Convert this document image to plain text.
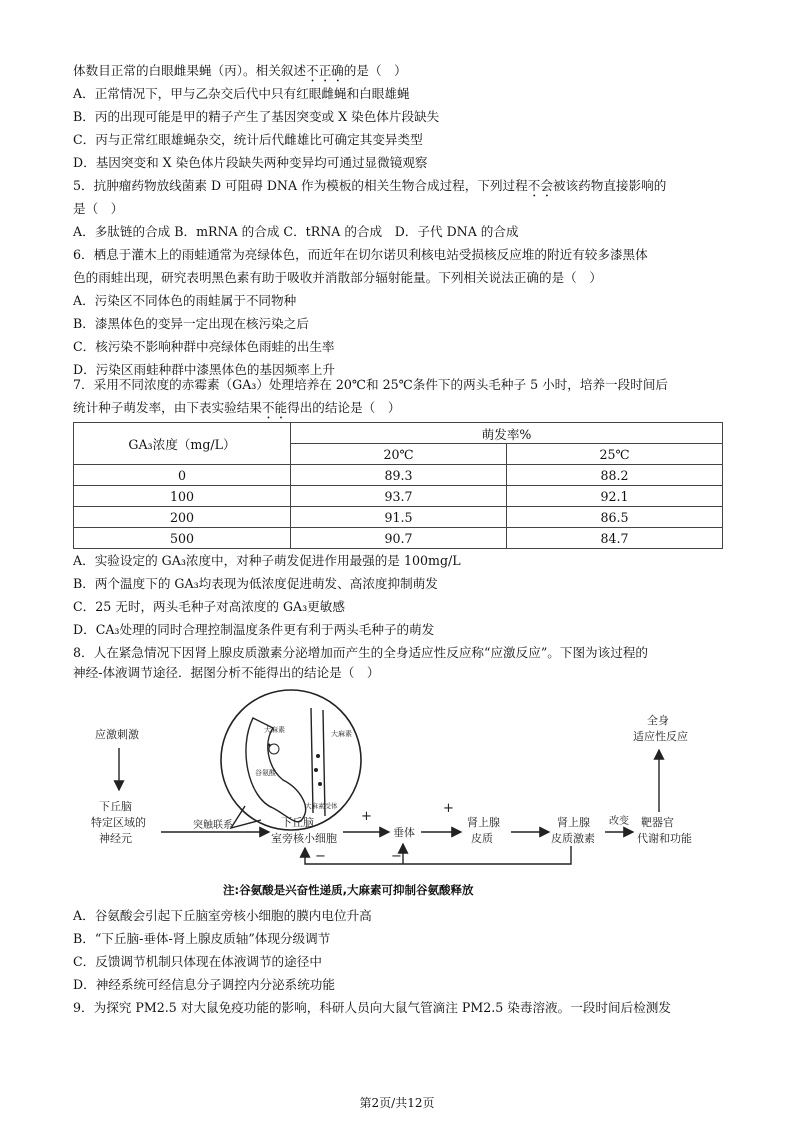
体数目正常的白眼雌果蝇（丙）。相关叙述不正确的是（　）
A．正常情况下，甲与乙杂交后代中只有红眼雌蝇和白眼雄蝇
B．丙的出现可能是甲的精子产生了基因突变或 X 染色体片段缺失
C．丙与正常红眼雄蝇杂交，统计后代雌雄比可确定其变异类型
D．基因突变和 X 染色体片段缺失两种变异均可通过显微镜观察
5．抗肿瘤药物放线菌素 D 可阻碍 DNA 作为模板的相关生物合成过程，下列过程不会被该药物直接影响的
是（　）
A．多肽链的合成 B．mRNA 的合成 C．tRNA 的合成　D．子代 DNA 的合成
6．栖息于灌木上的雨蛙通常为亮绿体色，而近年在切尔诺贝利核电站受损核反应堆的附近有较多漆黑体
色的雨蛙出现，研究表明黑色素有助于吸收并消散部分辐射能量。下列相关说法正确的是（　）
A．污染区不同体色的雨蛙属于不同物种
B．漆黑体色的变异一定出现在核污染之后
C．核污染不影响种群中亮绿体色雨蛙的出生率
D．污染区雨蛙种群中漆黑体色的基因频率上升
7．采用不同浓度的赤霉素（GA₃）处理培养在 20℃和 25℃条件下的两头毛种子 5 小时，培养一段时间后
统计种子萌发率，由下表实验结果不能得出的结论是（　）
GA₃浓度（mg/L）	萌发率%	
	20℃	25℃
0	89.3	88.2
100	93.7	92.1
200	91.5	86.5
500	90.7	84.7
A．实验设定的 GA₃浓度中，对种子萌发促进作用最强的是 100mg/L
B．两个温度下的 GA₃均表现为低浓度促进萌发、高浓度抑制萌发
C．25 无时，两头毛种子对高浓度的 GA₃更敏感
D．CA₃处理的同时合理控制温度条件更有利于两头毛种子的萌发
8．人在紧急情况下因肾上腺皮质激素分泌增加而产生的全身适应性反应称“应激反应”。下图为该过程的
神经-体液调节途径．据图分析不能得出的结论是（　）
大麻素	大麻素
谷氨酸
大麻素受体
应激刺激
下丘脑
特定区域的
神经元
突触联系	下丘脑
室旁核小细胞
+
垂体
+
肾上腺
皮质
肾上腺
皮质激素
改变 靶器官
代谢和功能
全身
适应性反应
−
−
注:谷氨酸是兴奋性递质,大麻素可抑制谷氨酸释放
A．谷氨酸会引起下丘脑室旁核小细胞的膜内电位升高
B．“下丘脑-垂体-肾上腺皮质轴”体现分级调节
C．反馈调节机制只体现在体液调节的途径中
D．神经系统可经信息分子调控内分泌系统功能
9．为探究 PM2.5 对大鼠免疫功能的影响，科研人员向大鼠气管滴注 PM2.5 染毒溶液。一段时间后检测发
第2页/共12页
